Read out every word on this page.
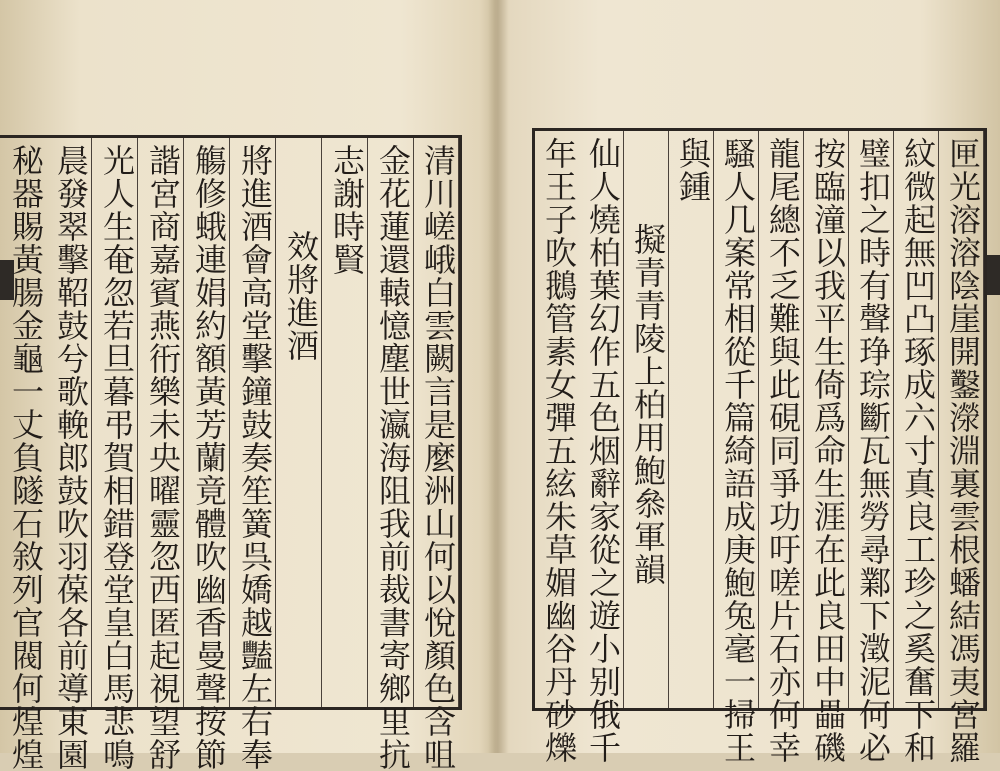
清川嵯峨白雲闕言是麼洲山何以悅顏色含咀
金花蓮還轅憶塵世瀛海阻我前裁書寄鄉里抗
志謝時賢
效將進酒
將進酒會高堂擊鐘鼓奏笙簧呉嬌越豔左右奉
觴修蛾連娟約額黃芳蘭竟體吹幽香曼聲按節
諧宮商嘉賓燕衎樂未央曜靈忽西匿起視望舒
光人生奄忽若旦暮弔賀相錯登堂皇白馬悲鳴
晨發翠擊鞀鼓兮歌輓郎鼓吹羽葆各前導東園
秘器賜黃腸金龜一丈負隧石敘列官閥何煌煌	匣光溶溶陰崖開鑿濴淵裏雲根蟠結馮夷宮羅
紋微起無凹凸琢成六寸真良工珍之奚奮下和
璧扣之時有聲琤琮斷瓦無勞尋鄴下澂泥何必
按臨潼以我平生倚爲命生涯在此良田中畾磯
龍尾總不乏難與此硯同爭功吁嗟片石亦何幸
騷人几案常相從千篇綺語成庚鮑兔毫一掃王
與鍾
擬青青陵上柏用鮑叅軍韻
仙人燒柏葉幻作五色烟辭家從之遊小别俄千
年王子吹鵝管素女彈五絃朱草媚幽谷丹砂爍
